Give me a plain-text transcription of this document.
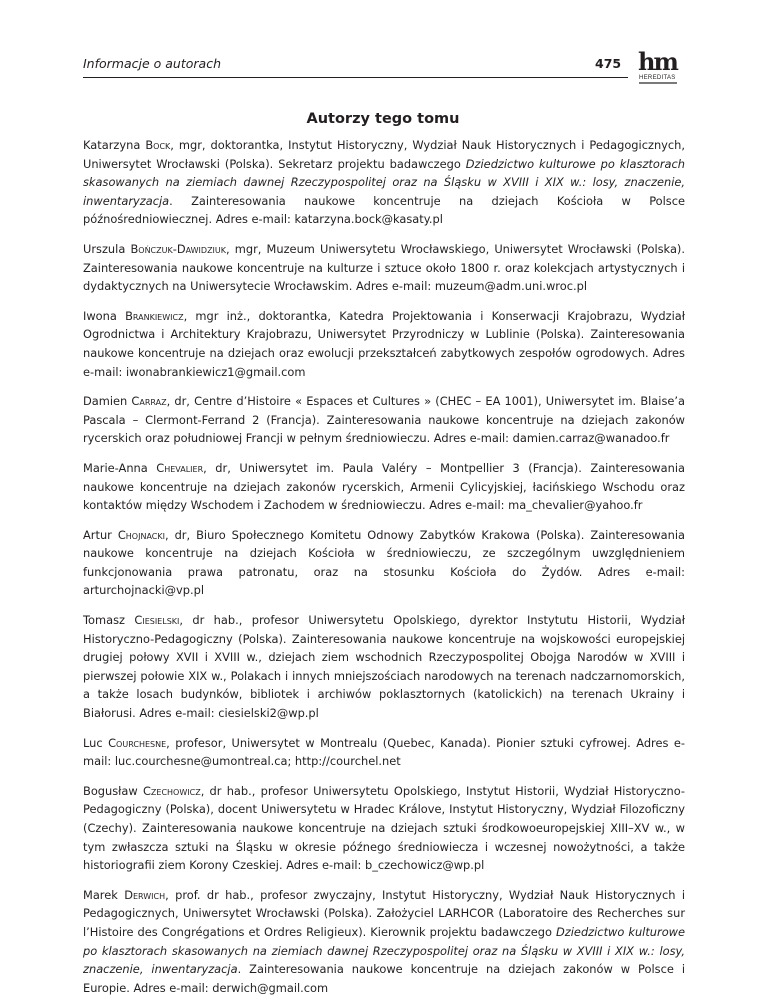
Informacje o autorach	475 hm
HEREDITAS
Autorzy tego tomu

Katarzyna Bock, mgr, doktorantka, Instytut Historyczny, Wydział Nauk Historycznych i Pedagogicznych, Uniwersytet Wrocławski (Polska). Sekretarz projektu badawczego Dziedzictwo kulturowe po klasztorach skasowanych na ziemiach dawnej Rzeczypospolitej oraz na Śląsku w XVIII i XIX w.: losy, znaczenie, inwentaryzacja. Zainteresowania naukowe koncentruje na dziejach Kościoła w Polsce późnośredniowiecznej. Adres e-mail: katarzyna.bock@kasaty.pl

Urszula Bończuk-Dawidziuk, mgr, Muzeum Uniwersytetu Wrocławskiego, Uniwersytet Wrocławski (Polska). Zainteresowania naukowe koncentruje na kulturze i sztuce około 1800 r. oraz kolekcjach artystycznych i dydaktycznych na Uniwersytecie Wrocławskim. Adres e-mail: muzeum@adm.uni.wroc.pl

Iwona Brankiewicz, mgr inż., doktorantka, Katedra Projektowania i Konserwacji Krajobrazu, Wydział Ogrodnictwa i Architektury Krajobrazu, Uniwersytet Przyrodniczy w Lublinie (Polska). Zainteresowania naukowe koncentruje na dziejach oraz ewolucji przekształceń zabytkowych zespołów ogrodowych. Adres e-mail: iwonabrankiewicz1@gmail.com

Damien Carraz, dr, Centre d’Histoire « Espaces et Cultures » (CHEC – EA 1001), Uniwersytet im. Blaise’a Pascala – Clermont-Ferrand 2 (Francja). Zainteresowania naukowe koncentruje na dziejach zakonów rycerskich oraz południowej Francji w pełnym średniowieczu. Adres e-mail: damien.carraz@wanadoo.fr

Marie-Anna Chevalier, dr, Uniwersytet im. Paula Valéry – Montpellier 3 (Francja). Zainteresowania naukowe koncentruje na dziejach zakonów rycerskich, Armenii Cylicyjskiej, łacińskiego Wschodu oraz kontaktów między Wschodem i Zachodem w średniowieczu. Adres e-mail: ma_chevalier@yahoo.fr

Artur Chojnacki, dr, Biuro Społecznego Komitetu Odnowy Zabytków Krakowa (Polska). Zainteresowania naukowe koncentruje na dziejach Kościoła w średniowieczu, ze szczególnym uwzględnieniem funkcjonowania prawa patronatu, oraz na stosunku Kościoła do Żydów. Adres e-mail: arturchojnacki@vp.pl

Tomasz Ciesielski, dr hab., profesor Uniwersytetu Opolskiego, dyrektor Instytutu Historii, Wydział Historyczno-Pedagogiczny (Polska). Zainteresowania naukowe koncentruje na wojskowości europejskiej drugiej połowy XVII i XVIII w., dziejach ziem wschodnich Rzeczypospolitej Obojga Narodów w XVIII i pierwszej połowie XIX w., Polakach i innych mniejszościach narodowych na terenach nadczarnomorskich, a także losach budynków, bibliotek i archiwów poklasztornych (katolickich) na terenach Ukrainy i Białorusi. Adres e-mail: ciesielski2@wp.pl

Luc Courchesne, profesor, Uniwersytet w Montrealu (Quebec, Kanada). Pionier sztuki cyfrowej. Adres e-mail: luc.courchesne@umontreal.ca; http://courchel.net

Bogusław Czechowicz, dr hab., profesor Uniwersytetu Opolskiego, Instytut Historii, Wydział Historyczno-Pedagogiczny (Polska), docent Uniwersytetu w Hradec Králove, Instytut Historyczny, Wydział Filozoficzny (Czechy). Zainteresowania naukowe koncentruje na dziejach sztuki środkowoeuropejskiej XIII–XV w., w tym zwłaszcza sztuki na Śląsku w okresie późnego średniowiecza i wczesnej nowożytności, a także historiografii ziem Korony Czeskiej. Adres e-mail: b_czechowicz@wp.pl

Marek Derwich, prof. dr hab., profesor zwyczajny, Instytut Historyczny, Wydział Nauk Historycznych i Pedagogicznych, Uniwersytet Wrocławski (Polska). Założyciel LARHCOR (Laboratoire des Recherches sur l’Histoire des Congrégations et Ordres Religieux). Kierownik projektu badawczego Dziedzictwo kulturowe po klasztorach skasowanych na ziemiach dawnej Rzeczypospolitej oraz na Śląsku w XVIII i XIX w.: losy, znaczenie, inwentaryzacja. Zainteresowania naukowe koncentruje na dziejach zakonów w Polsce i Europie. Adres e-mail: derwich@gmail.com
